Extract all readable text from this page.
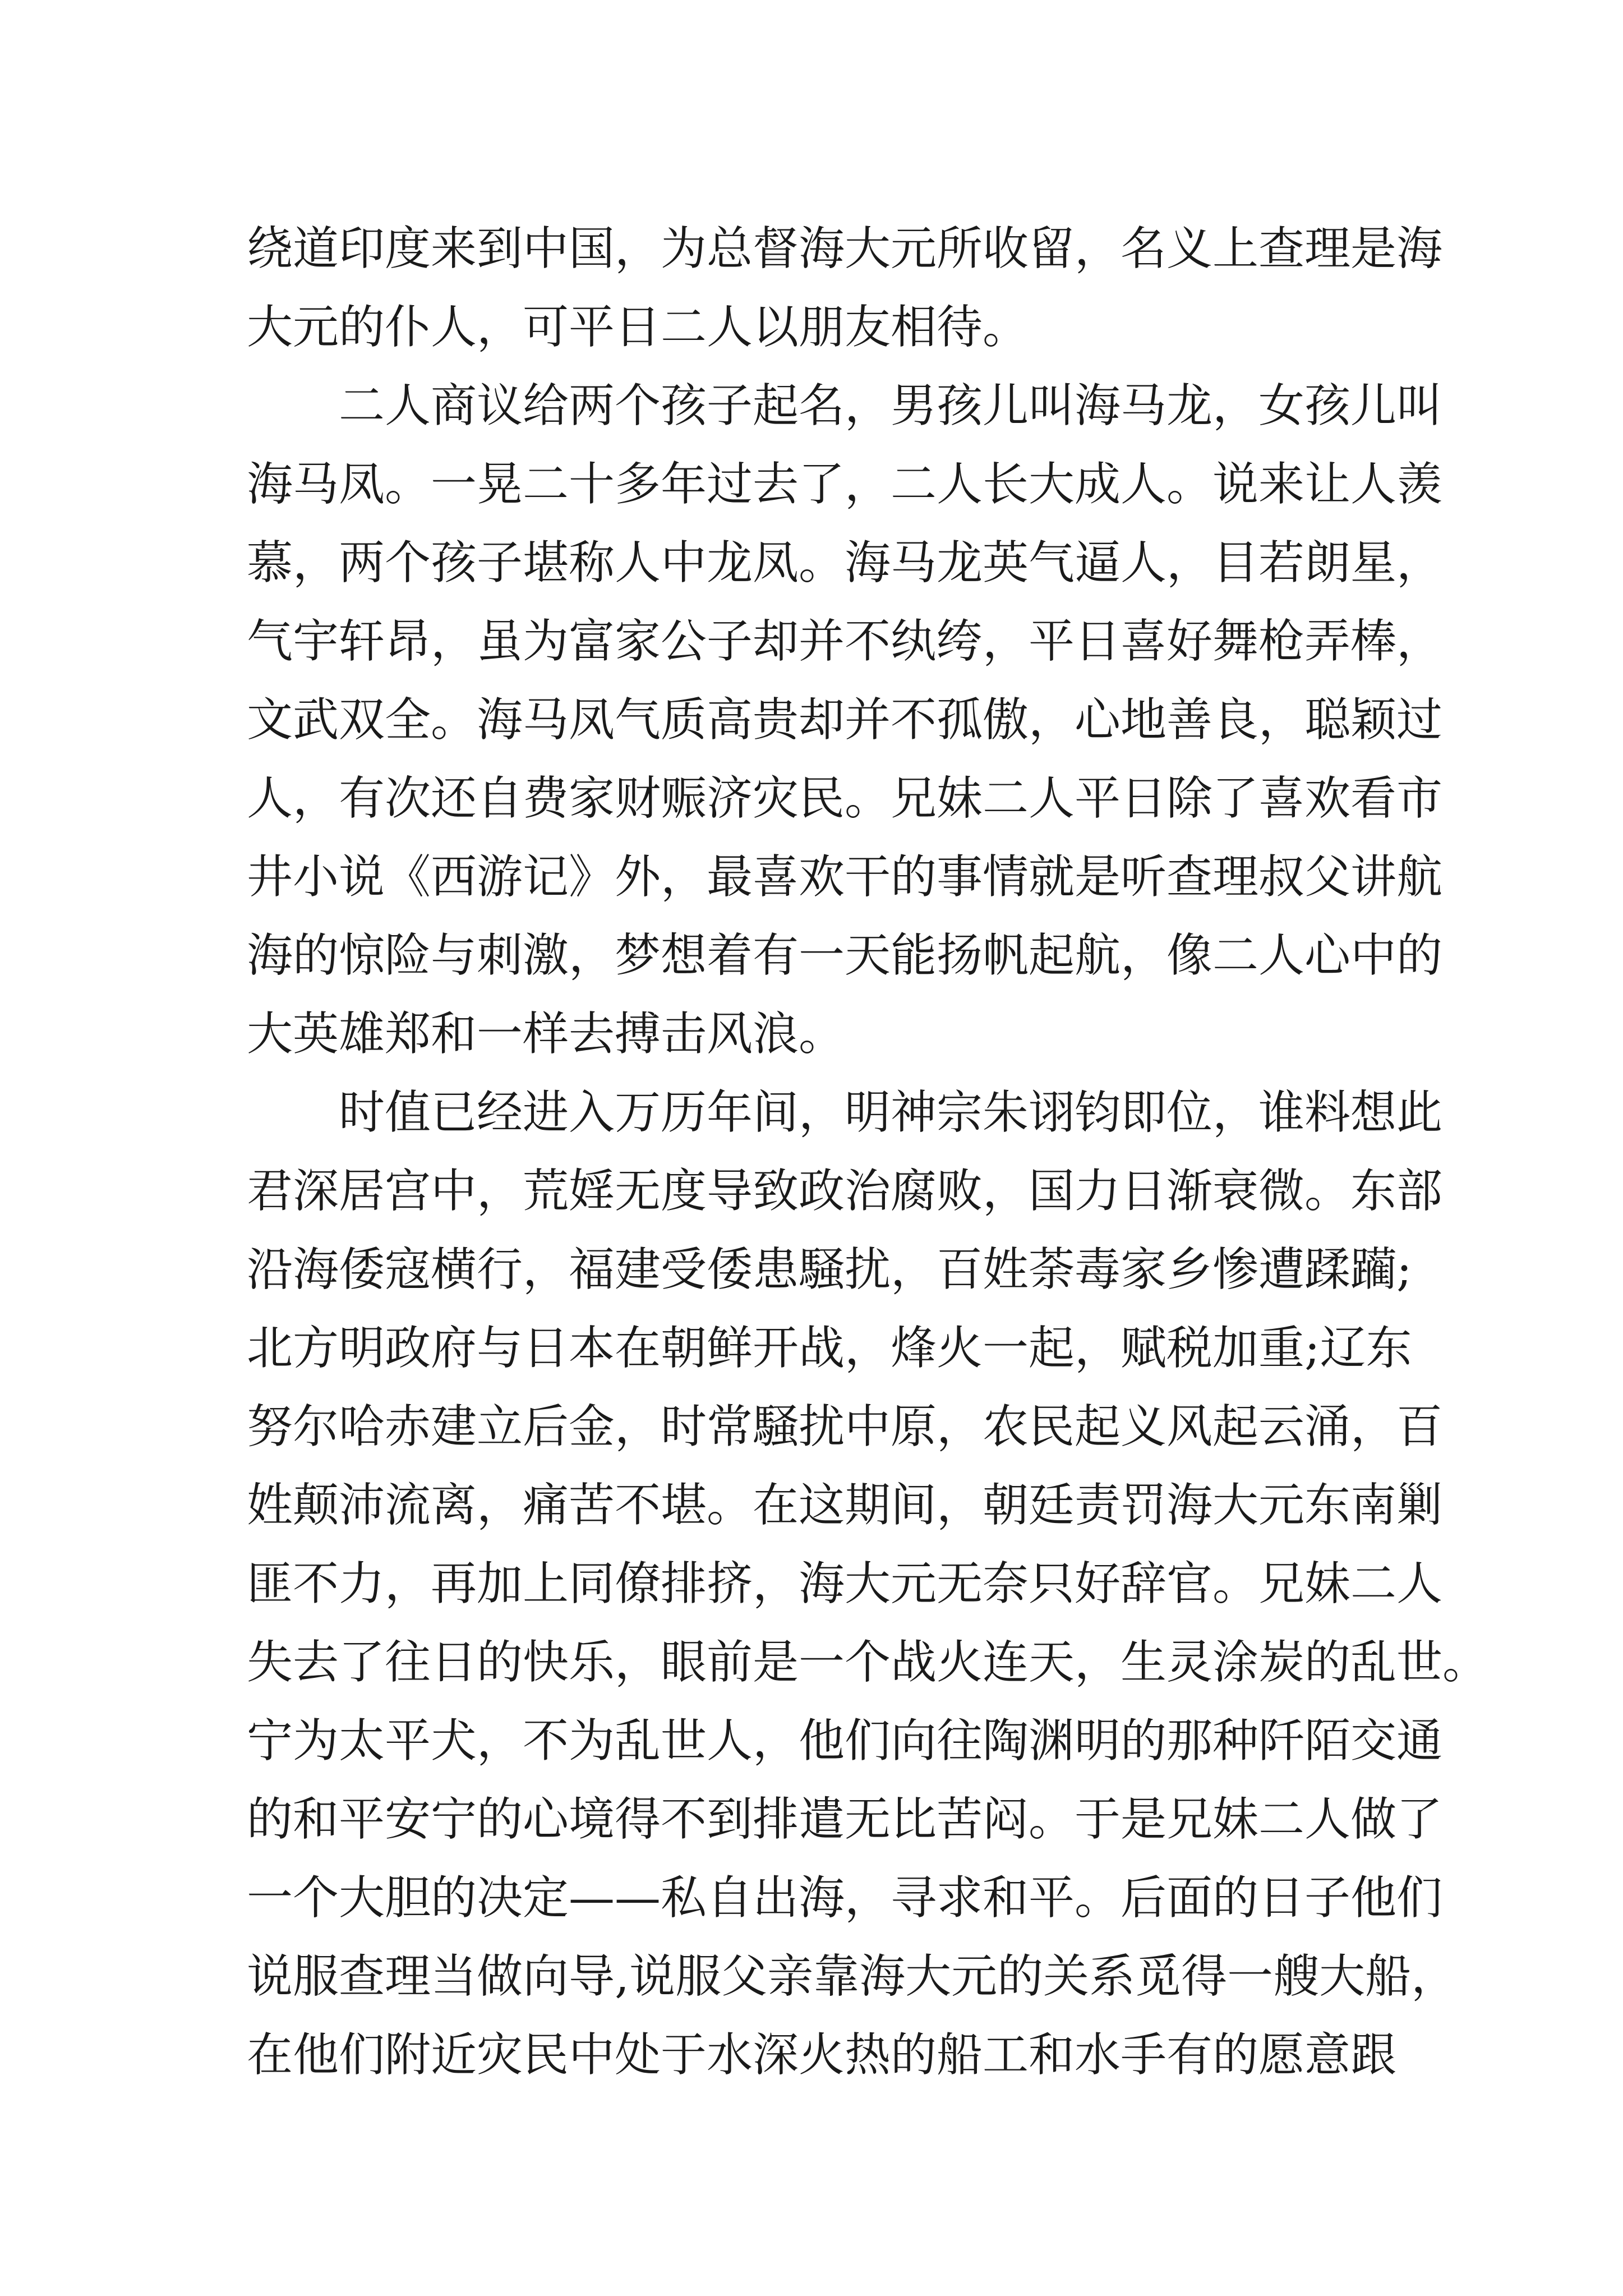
绕道印度来到中国，为总督海大元所收留，名义上查理是海
大元的仆人，可平日二人以朋友相待。
二人商议给两个孩子起名，男孩儿叫海马龙，女孩儿叫
海马凤。一晃二十多年过去了，二人长大成人。说来让人羡
慕，两个孩子堪称人中龙凤。海马龙英气逼人，目若朗星，
气宇轩昂，虽为富家公子却并不纨绔，平日喜好舞枪弄棒，
文武双全。海马凤气质高贵却并不孤傲，心地善良，聪颖过
人，有次还自费家财赈济灾民。兄妹二人平日除了喜欢看市
井小说《西游记》外，最喜欢干的事情就是听查理叔父讲航
海的惊险与刺激，梦想着有一天能扬帆起航，像二人心中的
大英雄郑和一样去搏击风浪。
时值已经进入万历年间，明神宗朱诩钧即位，谁料想此
君深居宫中，荒婬无度导致政治腐败，国力日渐衰微。东部
沿海倭寇横行，福建受倭患騒扰，百姓荼毒家乡惨遭蹂躏;
北方明政府与日本在朝鲜开战，烽火一起，赋税加重;辽东
努尔哈赤建立后金，时常騒扰中原，农民起义风起云涌，百
姓颠沛流离，痛苦不堪。在这期间，朝廷责罚海大元东南剿
匪不力，再加上同僚排挤，海大元无奈只好辞官。兄妹二人
失去了往日的快乐，眼前是一个战火连天，生灵涂炭的乱世。
宁为太平犬，不为乱世人，他们向往陶渊明的那种阡陌交通
的和平安宁的心境得不到排遣无比苦闷。于是兄妹二人做了
一个大胆的决定——私自出海，寻求和平。后面的日子他们
说服查理当做向导,说服父亲靠海大元的关系觅得一艘大船，
在他们附近灾民中处于水深火热的船工和水手有的愿意跟
